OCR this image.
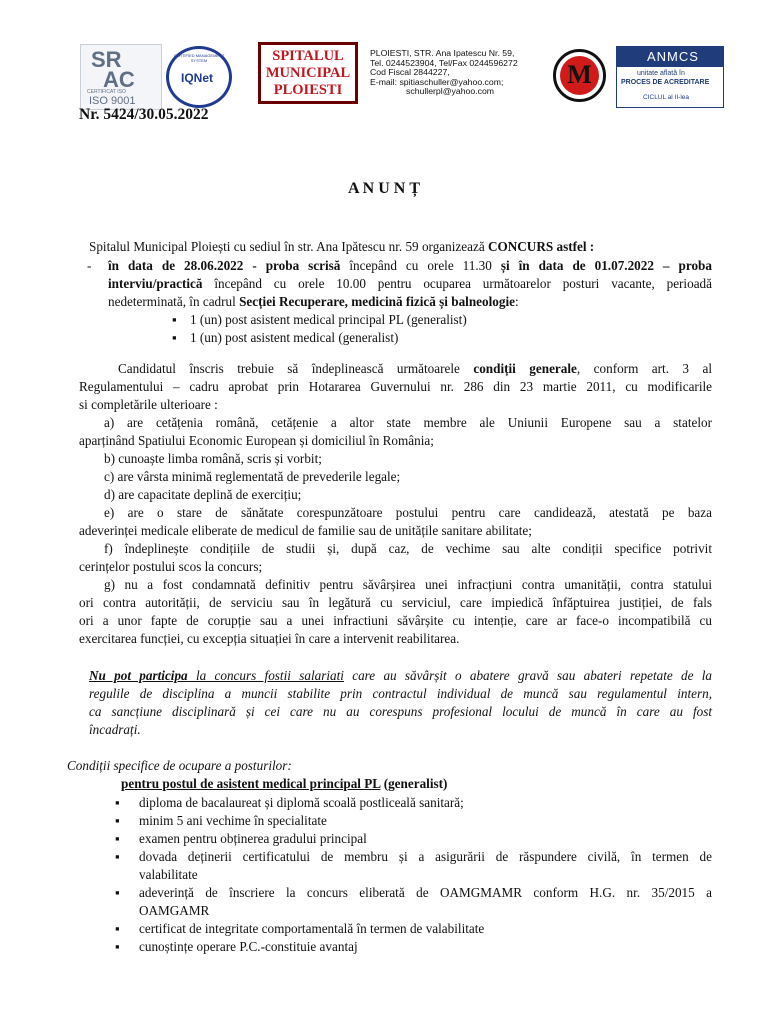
SR
AC
CERTIFICAT ISO
ISO 9001
CERTIFIED MANAGEMENT SYSTEM
IQNet
SPITALUL
MUNICIPAL
PLOIESTI
PLOIESTI, STR. Ana Ipatescu Nr. 59,
Tel. 0244523904, Tel/Fax 0244596272
Cod Fiscal 2844227,
E-mail: spitiaschuller@yahoo.com;
schullerpl@yahoo.com
M
ANMCS
unitate aflată în
PROCES DE ACREDITARE
CICLUL al II-lea
Nr. 5424/30.05.2022
A N U N Ț
Spitalul Municipal Ploiești cu sediul în str. Ana Ipătescu nr. 59 organizează CONCURS astfel :
- în data de 28.06.2022 - proba scrisă începând cu orele 11.30 și în data de 01.07.2022 – proba
interviu/practică începând cu orele 10.00 pentru ocuparea următoarelor posturi vacante, perioadă
nedeterminată, în cadrul Secției Recuperare, medicină fizică și balneologie:
▪ 1 (un) post asistent medical principal PL (generalist)
▪ 1 (un) post asistent medical (generalist)
Candidatul înscris trebuie să îndeplinească următoarele condiții generale, conform art. 3 al
Regulamentului – cadru aprobat prin Hotararea Guvernului nr. 286 din 23 martie 2011, cu modificarile
si completările ulterioare :
a) are cetățenia română, cetățenie a altor state membre ale Uniunii Europene sau a statelor
aparținând Spatiului Economic European și domiciliul în România;
b) cunoaște limba română, scris și vorbit;
c) are vârsta minimă reglementată de prevederile legale;
d) are capacitate deplină de exercițiu;
e) are o stare de sănătate corespunzătoare postului pentru care candidează, atestată pe baza
adeverinței medicale eliberate de medicul de familie sau de unitățile sanitare abilitate;
f) îndeplinește condițiile de studii și, după caz, de vechime sau alte condiții specifice potrivit
cerințelor postului scos la concurs;
g) nu a fost condamnată definitiv pentru săvârșirea unei infracțiuni contra umanității, contra statului
ori contra autorității, de serviciu sau în legătură cu serviciul, care impiedică înfăptuirea justiției, de fals
ori a unor fapte de corupție sau a unei infractiuni săvârșite cu intenție, care ar face-o incompatibilă cu
exercitarea funcției, cu excepția situației în care a intervenit reabilitarea.
Nu pot participa la concurs fostii salariati care au săvârșit o abatere gravă sau abateri repetate de la
regulile de disciplina a muncii stabilite prin contractul individual de muncă sau regulamentul intern,
ca sancțiune disciplinară și cei care nu au corespuns profesional locului de muncă în care au fost
încadrați.
Condiții specifice de ocupare a posturilor:
pentru postul de asistent medical principal PL (generalist)
▪ diploma de bacalaureat și diplomă scoală postliceală sanitară;
▪ minim 5 ani vechime în specialitate
▪ examen pentru obținerea gradului principal
▪ dovada deținerii certificatului de membru și a asigurării de răspundere civilă, în termen de
valabilitate
▪ adeverință de înscriere la concurs eliberată de OAMGMAMR conform H.G. nr. 35/2015 a
OAMGAMR
▪ certificat de integritate comportamentală în termen de valabilitate
▪ cunoștințe operare P.C.-constituie avantaj
